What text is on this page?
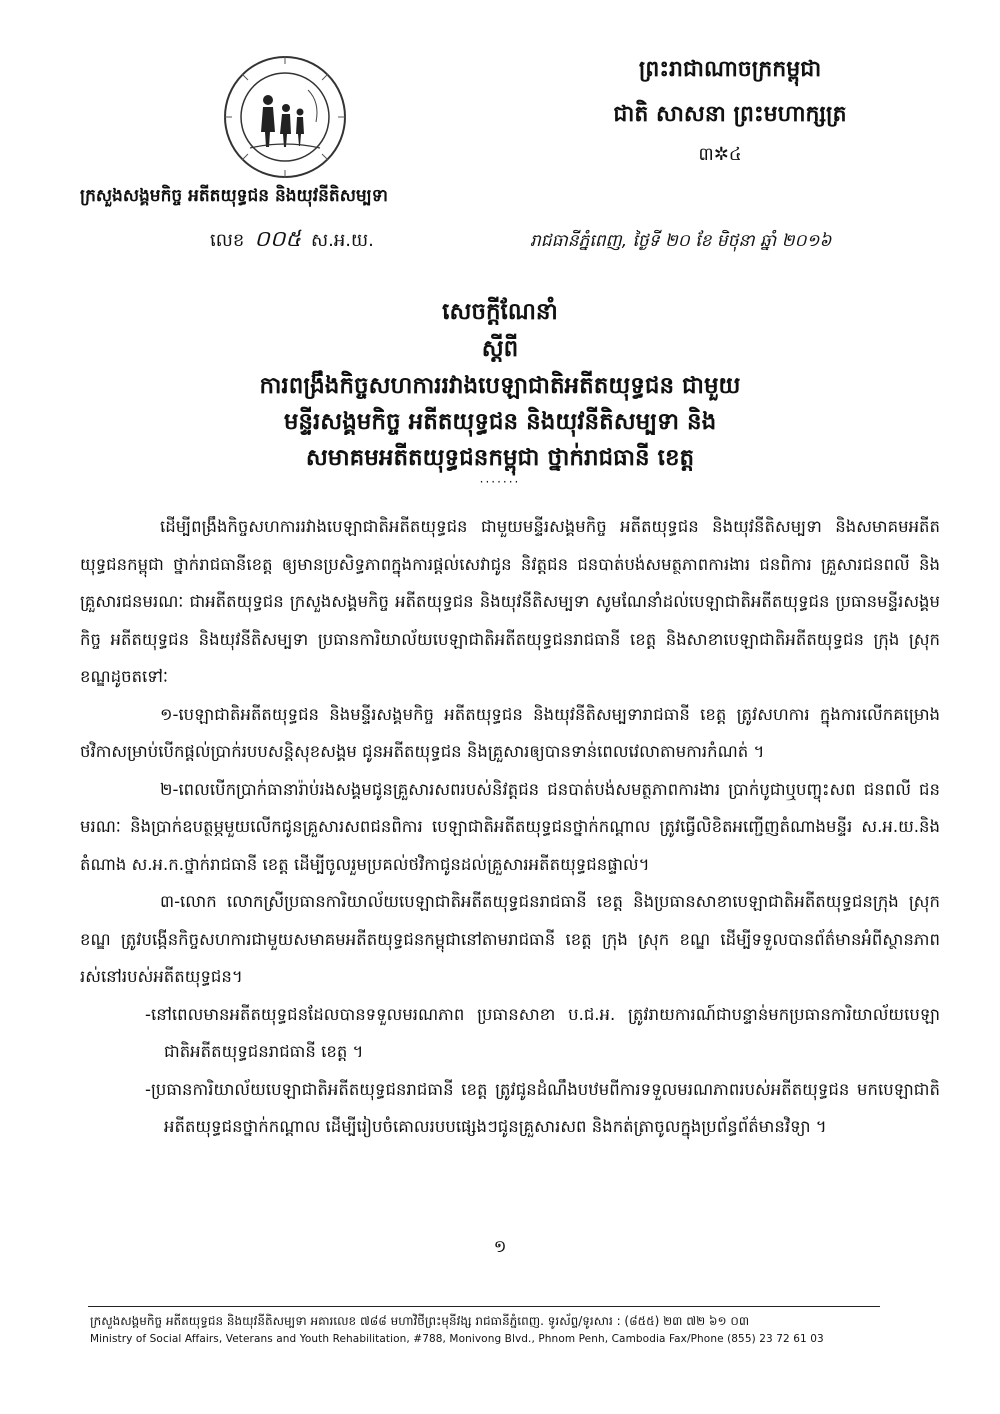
ក្រសួងសង្គមកិច្ច អតីតយុទ្ធជន និងយុវនីតិសម្បទា
លេខ ០០៥ ស.អ.យ.
ព្រះរាជាណាចក្រកម្ពុជា
ជាតិ សាសនា ព្រះមហាក្សត្រ
៣✲៤
រាជធានីភ្នំពេញ, ថ្ងៃទី ២០ ខែ មិថុនា ឆ្នាំ ២០១៦
សេចក្តីណែនាំ
ស្តីពី
ការពង្រឹងកិច្ចសហការរវាងបេឡាជាតិអតីតយុទ្ធជន ជាមួយ
មន្ទីរសង្គមកិច្ច អតីតយុទ្ធជន និងយុវនីតិសម្បទា និង
សមាគមអតីតយុទ្ធជនកម្ពុជា ថ្នាក់រាជធានី ខេត្ត
·······

ដើម្បីពង្រឹងកិច្ចសហការរវាងបេឡាជាតិអតីតយុទ្ធជន ជាមួយមន្ទីរសង្គមកិច្ច អតីតយុទ្ធជន និងយុវនីតិសម្បទា និងសមាគមអតីតយុទ្ធជនកម្ពុជា ថ្នាក់រាជធានីខេត្ត ឲ្យមានប្រសិទ្ធភាពក្នុងការផ្តល់សេវាជូន និវត្តជន ជនបាត់បង់សមត្ថភាពការងារ ជនពិការ គ្រួសារជនពលី និងគ្រួសារជនមរណៈ ជាអតីតយុទ្ធជន ក្រសួងសង្គមកិច្ច អតីតយុទ្ធជន និងយុវនីតិសម្បទា សូមណែនាំដល់បេឡាជាតិអតីតយុទ្ធជន ប្រធានមន្ទីរសង្គមកិច្ច អតីតយុទ្ធជន និងយុវនីតិសម្បទា ប្រធានការិយាល័យបេឡាជាតិអតីតយុទ្ធជនរាជធានី ខេត្ត និងសាខាបេឡាជាតិអតីតយុទ្ធជន ក្រុង ស្រុក ខណ្ឌដូចតទៅៈ

១-បេឡាជាតិអតីតយុទ្ធជន និងមន្ទីរសង្គមកិច្ច អតីតយុទ្ធជន និងយុវនីតិសម្បទារាជធានី ខេត្ត ត្រូវសហការ ក្នុងការលើកគម្រោងថវិកាសម្រាប់បើកផ្តល់ប្រាក់របបសន្តិសុខសង្គម ជូនអតីតយុទ្ធជន និងគ្រួសារឲ្យបានទាន់ពេលវេលាតាមការកំណត់ ។

២-ពេលបើកប្រាក់ធានារ៉ាប់រងសង្គមជូនគ្រួសារសពរបស់និវត្តជន ជនបាត់បង់សមត្ថភាពការងារ ប្រាក់បូជាឬបញ្ចុះសព ជនពលី ជនមរណៈ និងប្រាក់ឧបត្ថម្ភមួយលើកជូនគ្រួសារសពជនពិការ បេឡាជាតិអតីតយុទ្ធជនថ្នាក់កណ្តាល ត្រូវធ្វើលិខិតអញ្ជើញតំណាងមន្ទីរ ស.អ.យ.និងតំណាង ស.អ.ក.ថ្នាក់រាជធានី ខេត្ត ដើម្បីចូលរួមប្រគល់ថវិកាជូនដល់គ្រួសារអតីតយុទ្ធជនផ្ទាល់។

៣-លោក លោកស្រីប្រធានការិយាល័យបេឡាជាតិអតីតយុទ្ធជនរាជធានី ខេត្ត និងប្រធានសាខាបេឡាជាតិអតីតយុទ្ធជនក្រុង ស្រុក ខណ្ឌ ត្រូវបង្កើនកិច្ចសហការជាមួយសមាគមអតីតយុទ្ធជនកម្ពុជានៅតាមរាជធានី ខេត្ត ក្រុង ស្រុក ខណ្ឌ ដើម្បីទទួលបានព័ត៌មានអំពីស្ថានភាពរស់នៅរបស់អតីតយុទ្ធជន។

-នៅពេលមានអតីតយុទ្ធជនដែលបានទទួលមរណភាព ប្រធានសាខា ប.ជ.អ. ត្រូវរាយការណ៍ជាបន្ទាន់មកប្រធានការិយាល័យបេឡាជាតិអតីតយុទ្ធជនរាជធានី ខេត្ត ។

-ប្រធានការិយាល័យបេឡាជាតិអតីតយុទ្ធជនរាជធានី ខេត្ត ត្រូវជូនដំណឹងបឋមពីការទទួលមរណភាពរបស់អតីតយុទ្ធជន មកបេឡាជាតិអតីតយុទ្ធជនថ្នាក់កណ្តាល ដើម្បីរៀបចំគោលរបបផ្សេងៗជូនគ្រួសារសព និងកត់ត្រាចូលក្នុងប្រព័ន្ធព័ត៌មានវិទ្យា ។

១
ក្រសួងសង្គមកិច្ច អតីតយុទ្ធជន និងយុវនីតិសម្បទា អគារលេខ ៧៨៨ មហាវិថីព្រះមុនីវង្ស រាជធានីភ្នំពេញ. ទូរស័ព្ទ/ទូរសារ : (៨៥៥) ២៣ ៧២ ៦១ ០៣
Ministry of Social Affairs, Veterans and Youth Rehabilitation, #788, Monivong Blvd., Phnom Penh, Cambodia Fax/Phone (855) 23 72 61 03
